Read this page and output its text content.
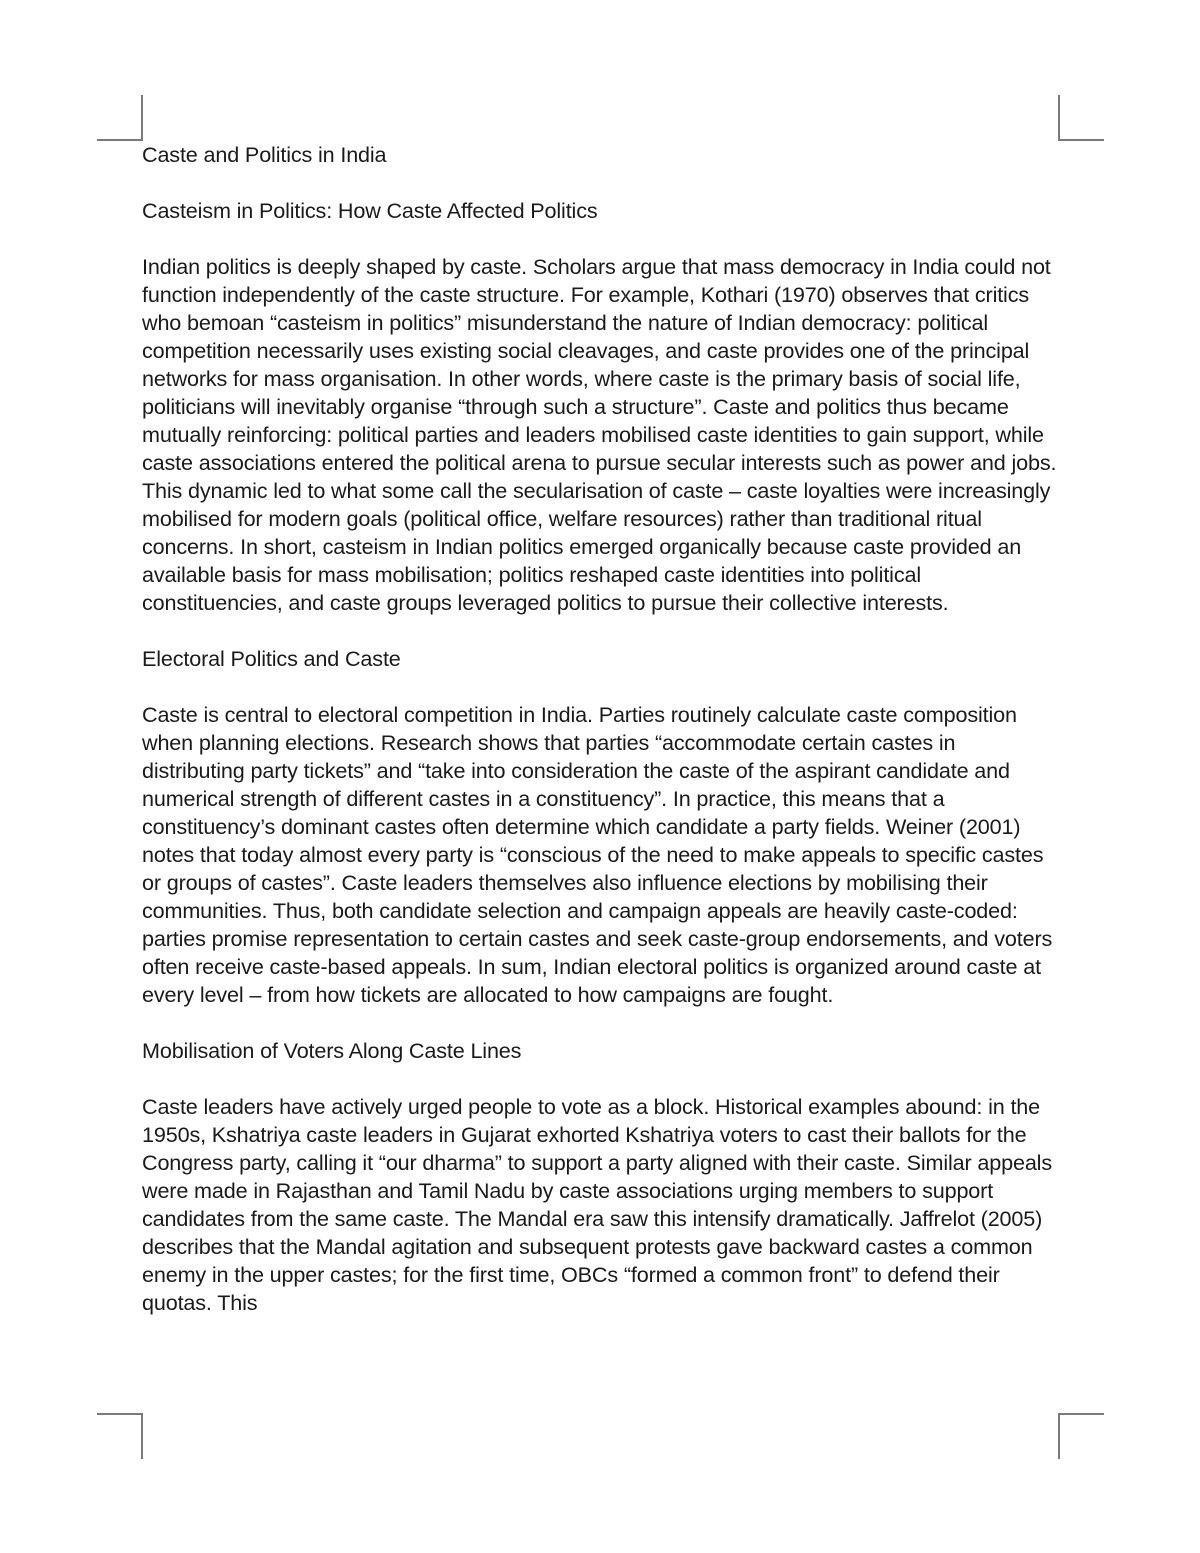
Caste and Politics in India

Casteism in Politics: How Caste Affected Politics

Indian politics is deeply shaped by caste. Scholars argue that mass democracy in India could not function independently of the caste structure. For example, Kothari (1970) observes that critics who bemoan “casteism in politics” misunderstand the nature of Indian democracy: political competition necessarily uses existing social cleavages, and caste provides one of the principal networks for mass organisation. In other words, where caste is the primary basis of social life, politicians will inevitably organise “through such a structure”. Caste and politics thus became mutually reinforcing: political parties and leaders mobilised caste identities to gain support, while caste associations entered the political arena to pursue secular interests such as power and jobs. This dynamic led to what some call the secularisation of caste – caste loyalties were increasingly mobilised for modern goals (political office, welfare resources) rather than traditional ritual concerns. In short, casteism in Indian politics emerged organically because caste provided an available basis for mass mobilisation; politics reshaped caste identities into political constituencies, and caste groups leveraged politics to pursue their collective interests.

Electoral Politics and Caste

Caste is central to electoral competition in India. Parties routinely calculate caste composition when planning elections. Research shows that parties “accommodate certain castes in distributing party tickets” and “take into consideration the caste of the aspirant candidate and numerical strength of different castes in a constituency”. In practice, this means that a constituency’s dominant castes often determine which candidate a party fields. Weiner (2001) notes that today almost every party is “conscious of the need to make appeals to specific castes or groups of castes”. Caste leaders themselves also influence elections by mobilising their communities. Thus, both candidate selection and campaign appeals are heavily caste-coded: parties promise representation to certain castes and seek caste-group endorsements, and voters often receive caste-based appeals. In sum, Indian electoral politics is organized around caste at every level – from how tickets are allocated to how campaigns are fought.

Mobilisation of Voters Along Caste Lines

Caste leaders have actively urged people to vote as a block. Historical examples abound: in the 1950s, Kshatriya caste leaders in Gujarat exhorted Kshatriya voters to cast their ballots for the Congress party, calling it “our dharma” to support a party aligned with their caste. Similar appeals were made in Rajasthan and Tamil Nadu by caste associations urging members to support candidates from the same caste. The Mandal era saw this intensify dramatically. Jaffrelot (2005) describes that the Mandal agitation and subsequent protests gave backward castes a common enemy in the upper castes; for the first time, OBCs “formed a common front” to defend their quotas. This
